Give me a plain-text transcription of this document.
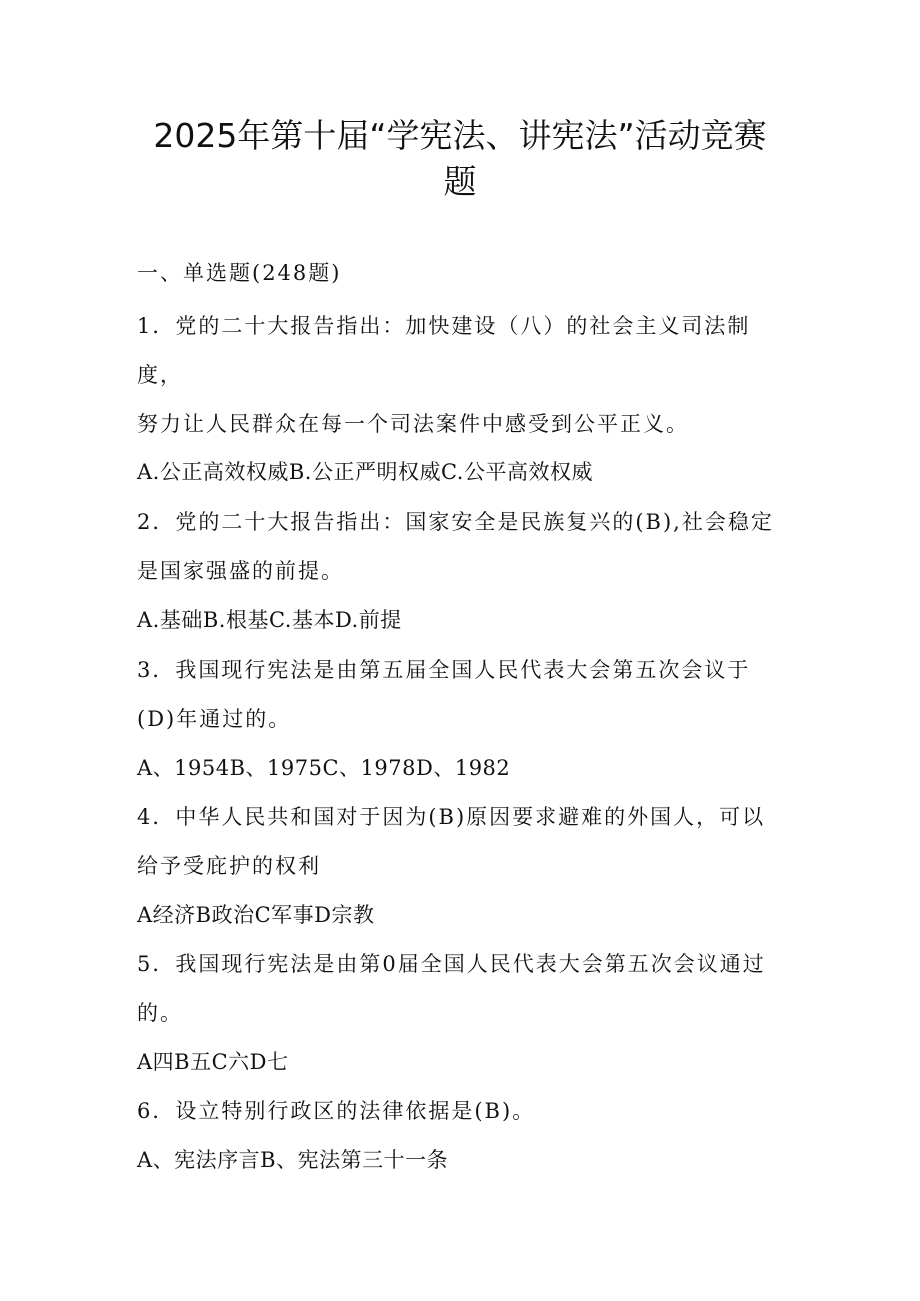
2025年第十届“学宪法、讲宪法”活动竞赛
题
一、单选题(248题)
1．党的二十大报告指出：加快建设（八）的社会主义司法制
度，
努力让人民群众在每一个司法案件中感受到公平正义。
A.公正高效权威B.公正严明权威C.公平高效权威
2．党的二十大报告指出：国家安全是民族复兴的(B),社会稳定
是国家强盛的前提。
A.基础B.根基C.基本D.前提
3．我国现行宪法是由第五届全国人民代表大会第五次会议于
(D)年通过的。
A、1954B、1975C、1978D、1982
4．中华人民共和国对于因为(B)原因要求避难的外国人，可以
给予受庇护的权利
A经济B政治C军事D宗教
5．我国现行宪法是由第0届全国人民代表大会第五次会议通过
的。
A四B五C六D七
6．设立特别行政区的法律依据是(B)。
A、宪法序言B、宪法第三十一条
